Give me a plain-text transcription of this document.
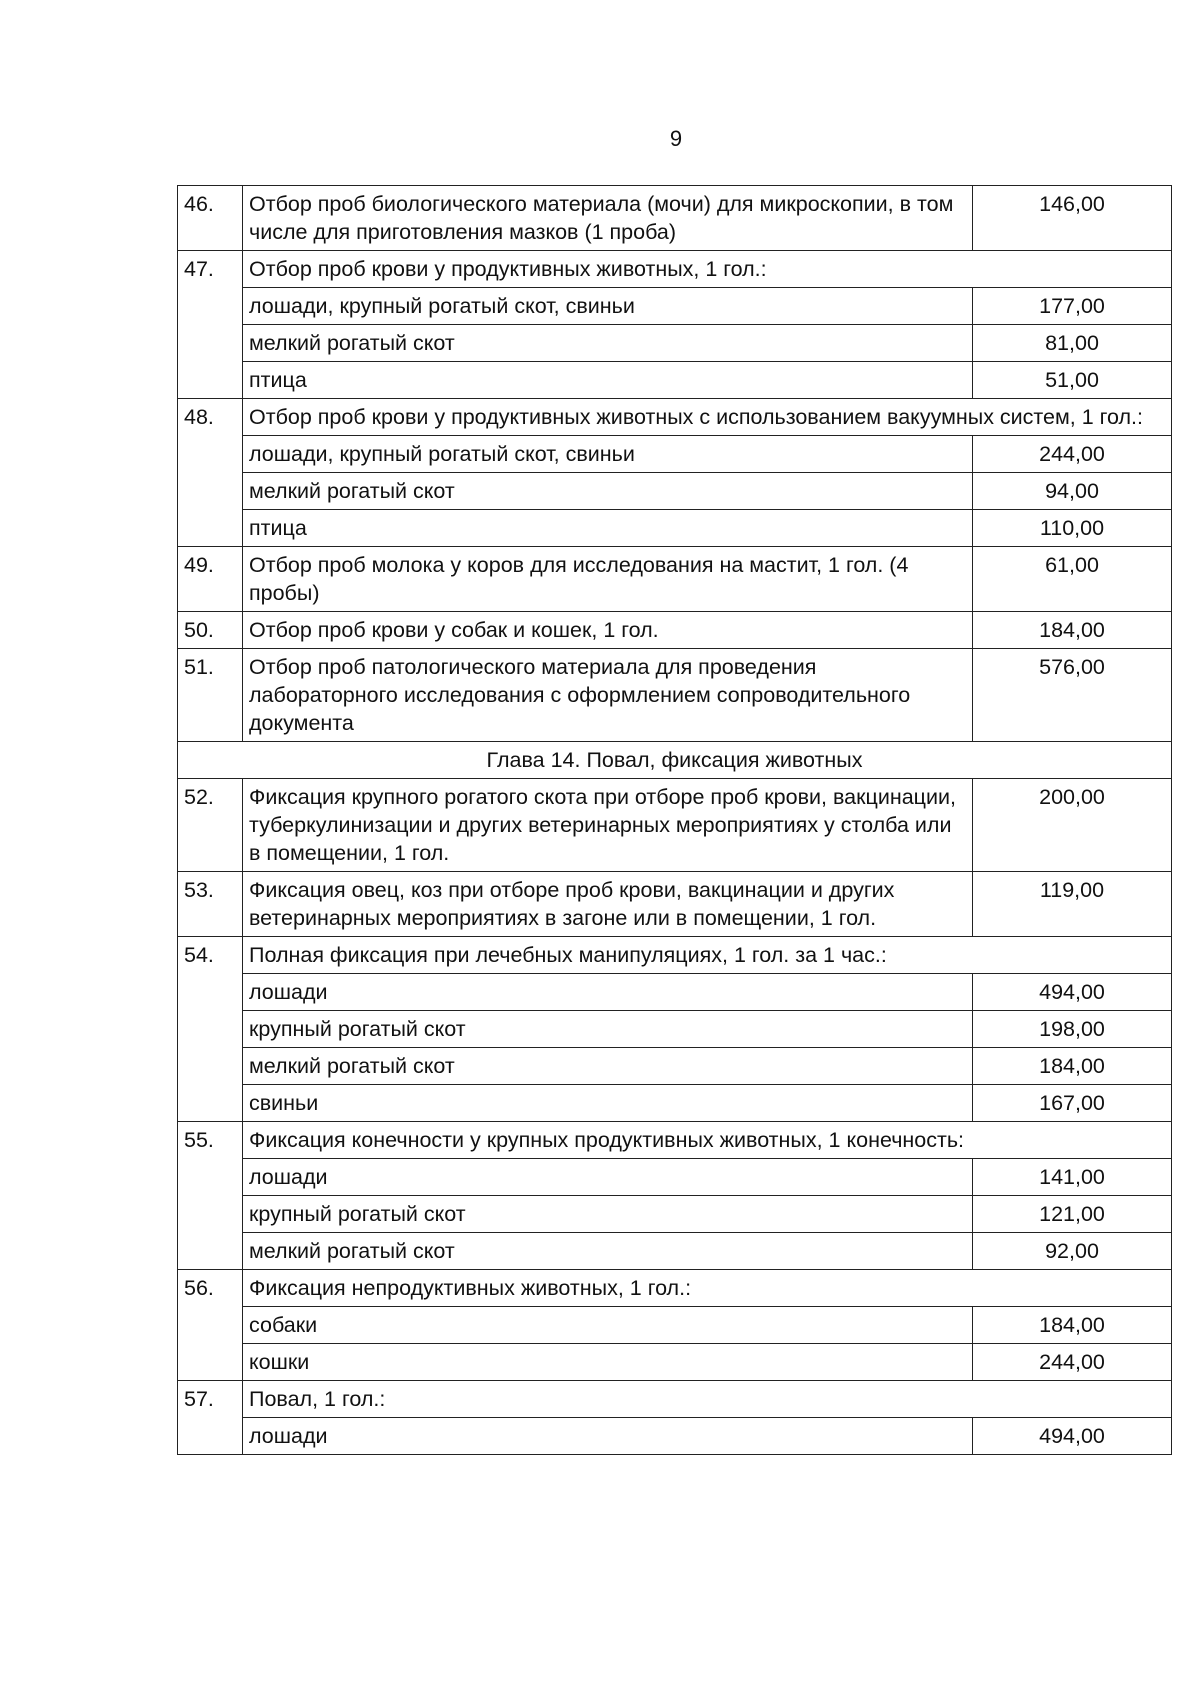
9
46.	Отбор проб биологического материала (мочи) для микроскопии, в том числе для приготовления мазков (1 проба)	146,00
47.	Отбор проб крови у продуктивных животных, 1 гол.:	
	лошади, крупный рогатый скот, свиньи	177,00
	мелкий рогатый скот	81,00
	птица	51,00
48.	Отбор проб крови у продуктивных животных с использованием вакуумных систем, 1 гол.:	
	лошади, крупный рогатый скот, свиньи	244,00
	мелкий рогатый скот	94,00
	птица	110,00
49.	Отбор проб молока у коров для исследования на мастит, 1 гол. (4 пробы)	61,00
50.	Отбор проб крови у собак и кошек, 1 гол.	184,00
51.	Отбор проб патологического материала для проведения лабораторного исследования с оформлением сопроводительного документа	576,00
Глава 14. Повал, фиксация животных		
52.	Фиксация крупного рогатого скота при отборе проб крови, вакцинации, туберкулинизации и других ветеринарных мероприятиях у столба или в помещении, 1 гол.	200,00
53.	Фиксация овец, коз при отборе проб крови, вакцинации и других ветеринарных мероприятиях в загоне или в помещении, 1 гол.	119,00
54.	Полная фиксация при лечебных манипуляциях, 1 гол. за 1 час.:	
	лошади	494,00
	крупный рогатый скот	198,00
	мелкий рогатый скот	184,00
	свиньи	167,00
55.	Фиксация конечности у крупных продуктивных животных, 1 конечность:	
	лошади	141,00
	крупный рогатый скот	121,00
	мелкий рогатый скот	92,00
56.	Фиксация непродуктивных животных, 1 гол.:	
	собаки	184,00
	кошки	244,00
57.	Повал, 1 гол.:	
	лошади	494,00
